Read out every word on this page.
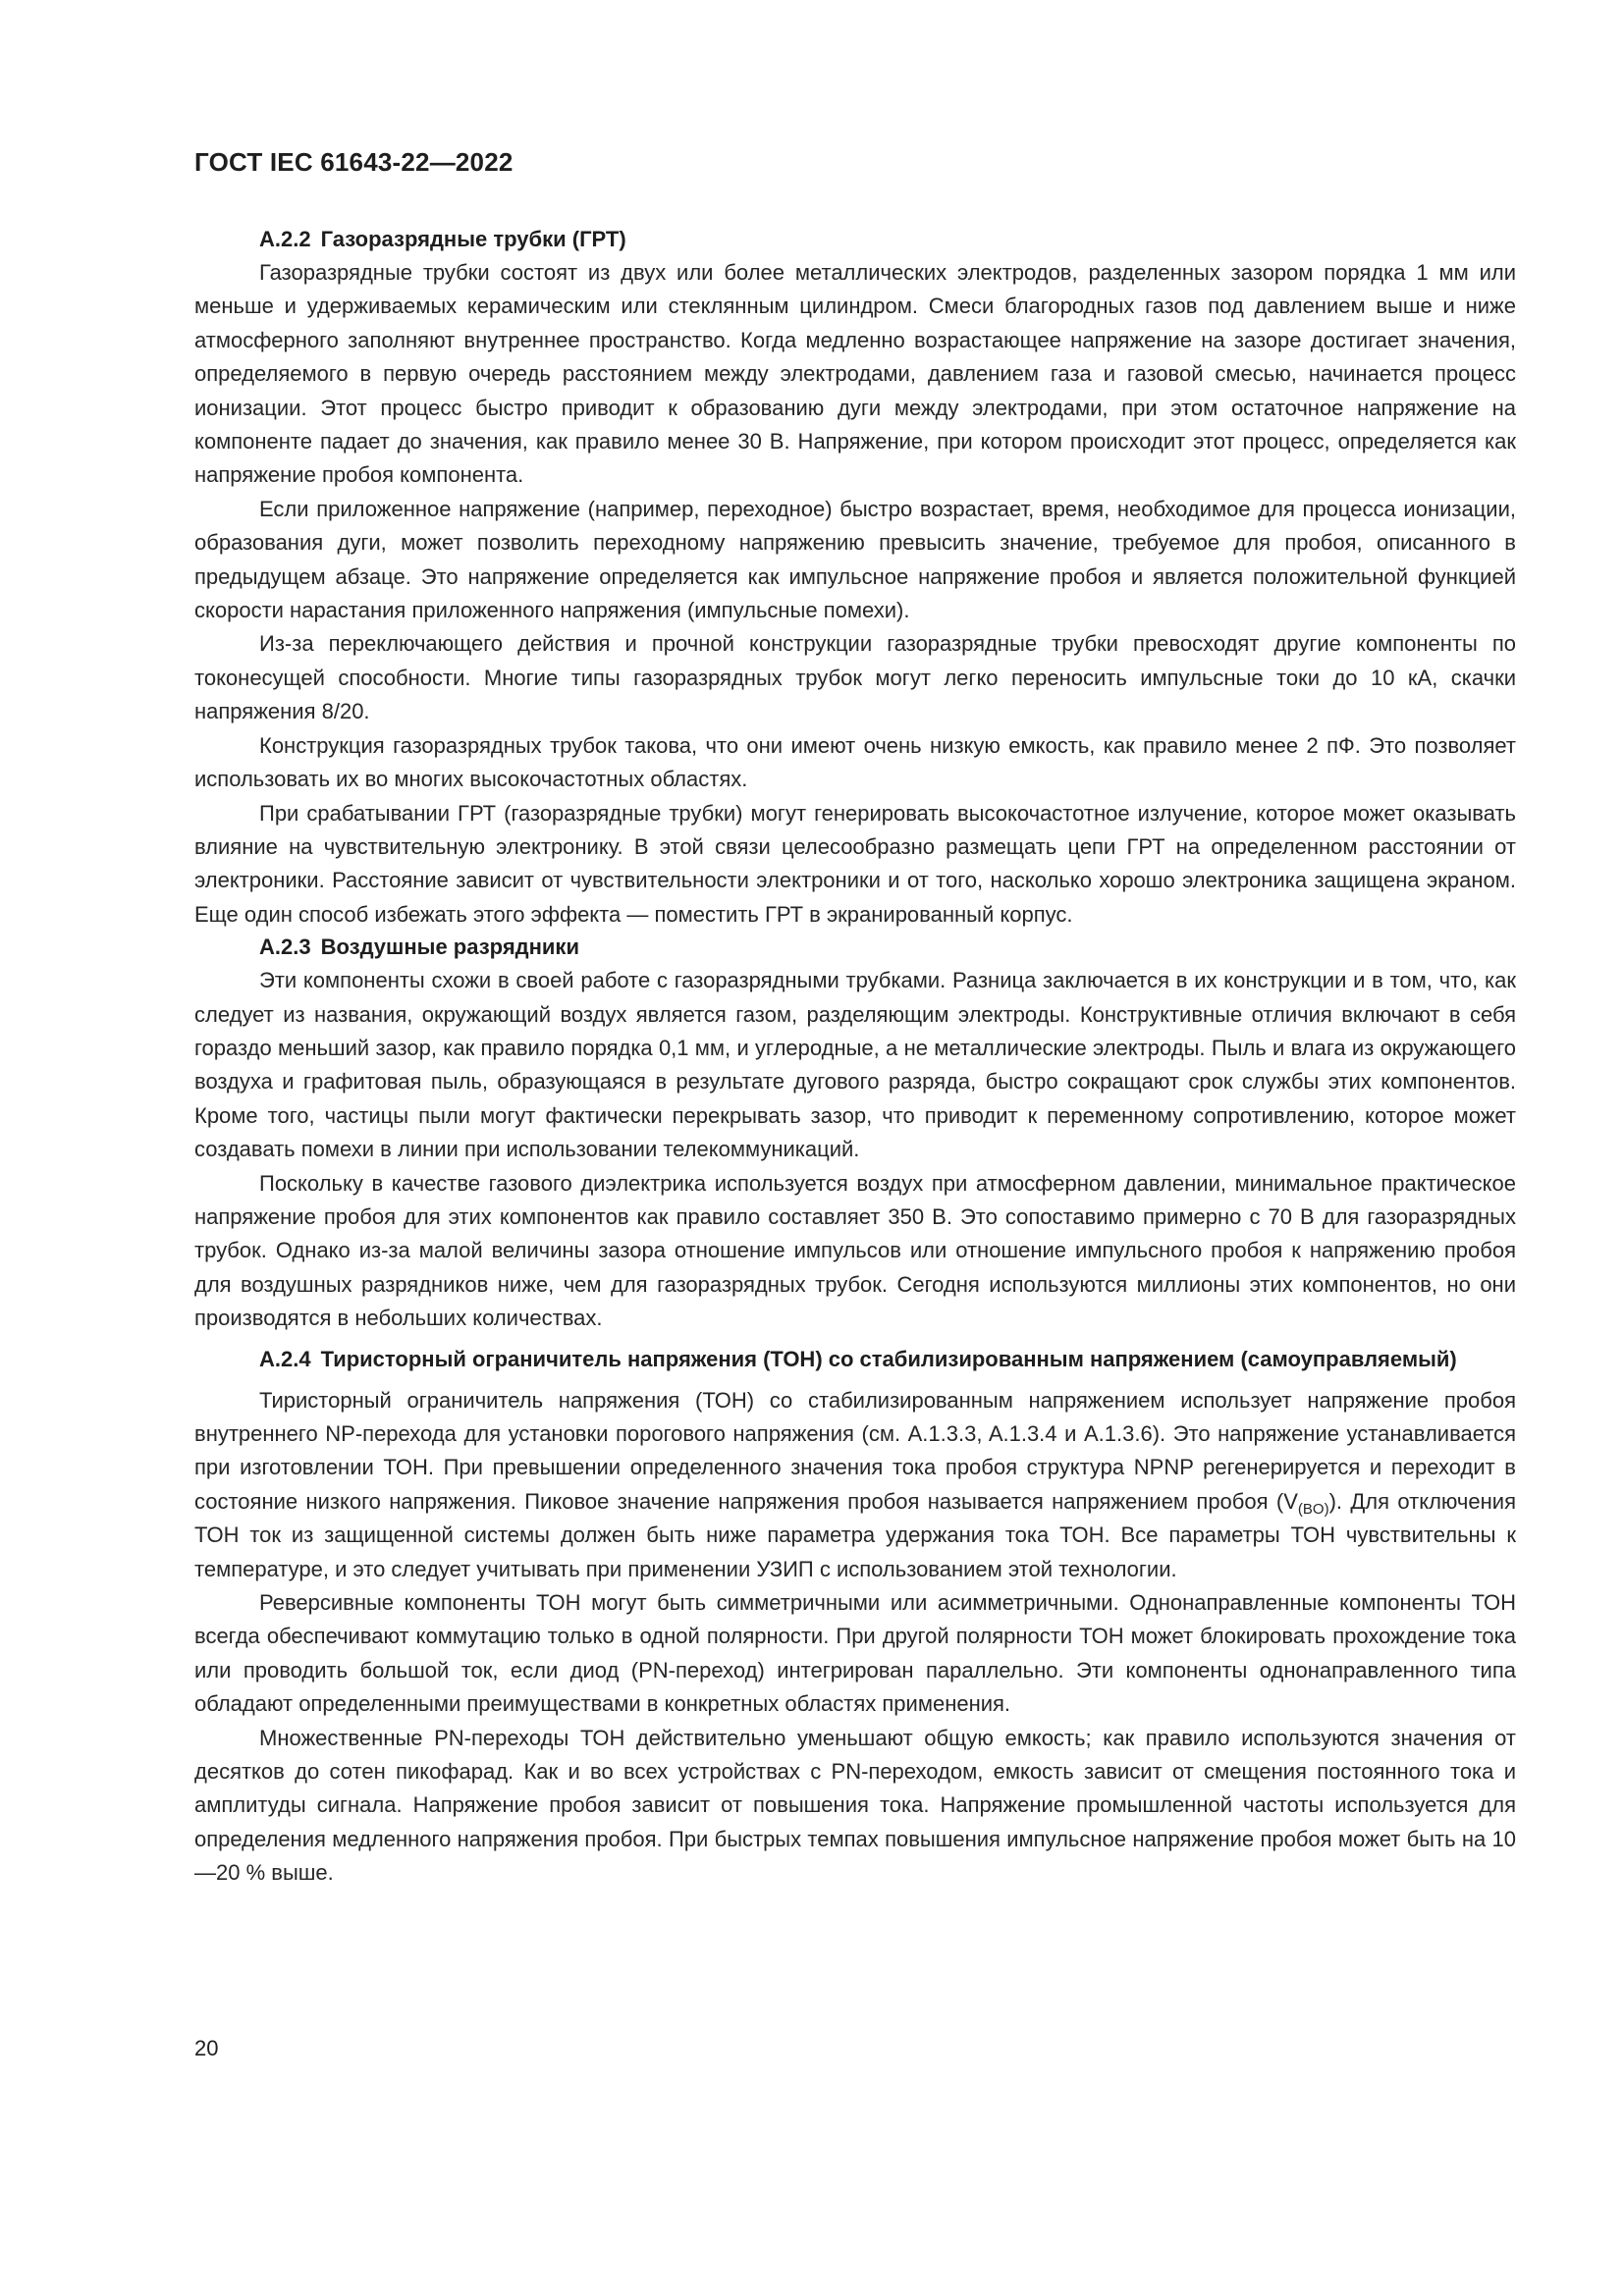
ГОСТ IEC 61643-22—2022
A.2.2 Газоразрядные трубки (ГРТ)

Газоразрядные трубки состоят из двух или более металлических электродов, разделенных зазором порядка 1 мм или меньше и удерживаемых керамическим или стеклянным цилиндром. Смеси благородных газов под давлением выше и ниже атмосферного заполняют внутреннее пространство. Когда медленно возрастающее напряжение на зазоре достигает значения, определяемого в первую очередь расстоянием между электродами, давлением газа и газовой смесью, начинается процесс ионизации. Этот процесс быстро приводит к образованию дуги между электродами, при этом остаточное напряжение на компоненте падает до значения, как правило менее 30 В. Напряжение, при котором происходит этот процесс, определяется как напряжение пробоя компонента.

Если приложенное напряжение (например, переходное) быстро возрастает, время, необходимое для процесса ионизации, образования дуги, может позволить переходному напряжению превысить значение, требуемое для пробоя, описанного в предыдущем абзаце. Это напряжение определяется как импульсное напряжение пробоя и является положительной функцией скорости нарастания приложенного напряжения (импульсные помехи).

Из-за переключающего действия и прочной конструкции газоразрядные трубки превосходят другие компоненты по токонесущей способности. Многие типы газоразрядных трубок могут легко переносить импульсные токи до 10 кА, скачки напряжения 8/20.

Конструкция газоразрядных трубок такова, что они имеют очень низкую емкость, как правило менее 2 пФ. Это позволяет использовать их во многих высокочастотных областях.

При срабатывании ГРТ (газоразрядные трубки) могут генерировать высокочастотное излучение, которое может оказывать влияние на чувствительную электронику. В этой связи целесообразно размещать цепи ГРТ на определенном расстоянии от электроники. Расстояние зависит от чувствительности электроники и от того, насколько хорошо электроника защищена экраном. Еще один способ избежать этого эффекта — поместить ГРТ в экранированный корпус.

A.2.3 Воздушные разрядники

Эти компоненты схожи в своей работе с газоразрядными трубками. Разница заключается в их конструкции и в том, что, как следует из названия, окружающий воздух является газом, разделяющим электроды. Конструктивные отличия включают в себя гораздо меньший зазор, как правило порядка 0,1 мм, и углеродные, а не металлические электроды. Пыль и влага из окружающего воздуха и графитовая пыль, образующаяся в результате дугового разряда, быстро сокращают срок службы этих компонентов. Кроме того, частицы пыли могут фактически перекрывать зазор, что приводит к переменному сопротивлению, которое может создавать помехи в линии при использовании телекоммуникаций.

Поскольку в качестве газового диэлектрика используется воздух при атмосферном давлении, минимальное практическое напряжение пробоя для этих компонентов как правило составляет 350 В. Это сопоставимо примерно с 70 В для газоразрядных трубок. Однако из-за малой величины зазора отношение импульсов или отношение импульсного пробоя к напряжению пробоя для воздушных разрядников ниже, чем для газоразрядных трубок. Сегодня используются миллионы этих компонентов, но они производятся в небольших количествах.

A.2.4 Тиристорный ограничитель напряжения (ТОН) со стабилизированным напряжением (самоуправляемый)

Тиристорный ограничитель напряжения (ТОН) со стабилизированным напряжением использует напряжение пробоя внутреннего NP-перехода для установки порогового напряжения (см. A.1.3.3, A.1.3.4 и A.1.3.6). Это напряжение устанавливается при изготовлении ТОН. При превышении определенного значения тока пробоя структура NPNP регенерируется и переходит в состояние низкого напряжения. Пиковое значение напряжения пробоя называется напряжением пробоя $(V_{(BO)})$. Для отключения ТОН ток из защищенной системы должен быть ниже параметра удержания тока ТОН. Все параметры ТОН чувствительны к температуре, и это следует учитывать при применении УЗИП с использованием этой технологии.

Реверсивные компоненты ТОН могут быть симметричными или асимметричными. Однонаправленные компоненты ТОН всегда обеспечивают коммутацию только в одной полярности. При другой полярности ТОН может блокировать прохождение тока или проводить большой ток, если диод (PN-переход) интегрирован параллельно. Эти компоненты однонаправленного типа обладают определенными преимуществами в конкретных областях применения.

Множественные PN-переходы ТОН действительно уменьшают общую емкость; как правило используются значения от десятков до сотен пикофарад. Как и во всех устройствах с PN-переходом, емкость зависит от смещения постоянного тока и амплитуды сигнала. Напряжение пробоя зависит от повышения тока. Напряжение промышленной частоты используется для определения медленного напряжения пробоя. При быстрых темпах повышения импульсное напряжение пробоя может быть на 10—20 % выше.

20
